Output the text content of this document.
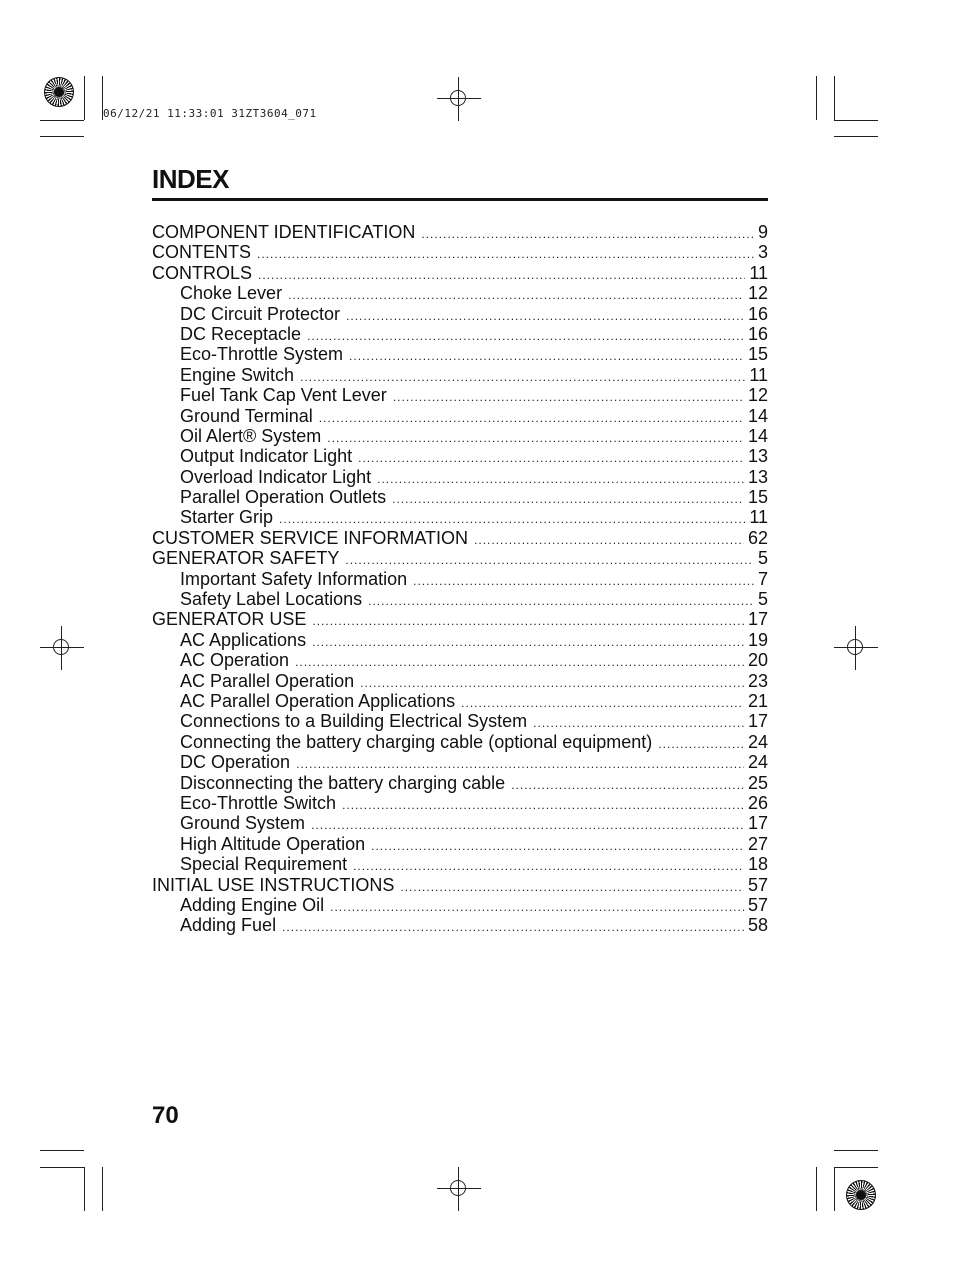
06/12/21 11:33:01 31ZT3604_071
INDEX
COMPONENT IDENTIFICATION .....	9
CONTENTS .....	3
CONTROLS .....	11
Choke Lever .....	12
DC Circuit Protector .....	16
DC Receptacle .....	16
Eco-Throttle System .....	15
Engine Switch .....	11
Fuel Tank Cap Vent Lever .....	12
Ground Terminal .....	14
Oil Alert® System .....	14
Output Indicator Light .....	13
Overload Indicator Light .....	13
Parallel Operation Outlets .....	15
Starter Grip .....	11
CUSTOMER SERVICE INFORMATION .....	62
GENERATOR SAFETY .....	5
Important Safety Information .....	7
Safety Label Locations .....	5
GENERATOR USE .....	17
AC Applications .....	19
AC Operation .....	20
AC Parallel Operation .....	23
AC Parallel Operation Applications .....	21
Connections to a Building Electrical System .....	17
Connecting the battery charging cable (optional equipment) .....	24
DC Operation .....	24
Disconnecting the battery charging cable .....	25
Eco-Throttle Switch .....	26
Ground System .....	17
High Altitude Operation .....	27
Special Requirement .....	18
INITIAL USE INSTRUCTIONS .....	57
Adding Engine Oil .....	57
Adding Fuel .....	58
70
